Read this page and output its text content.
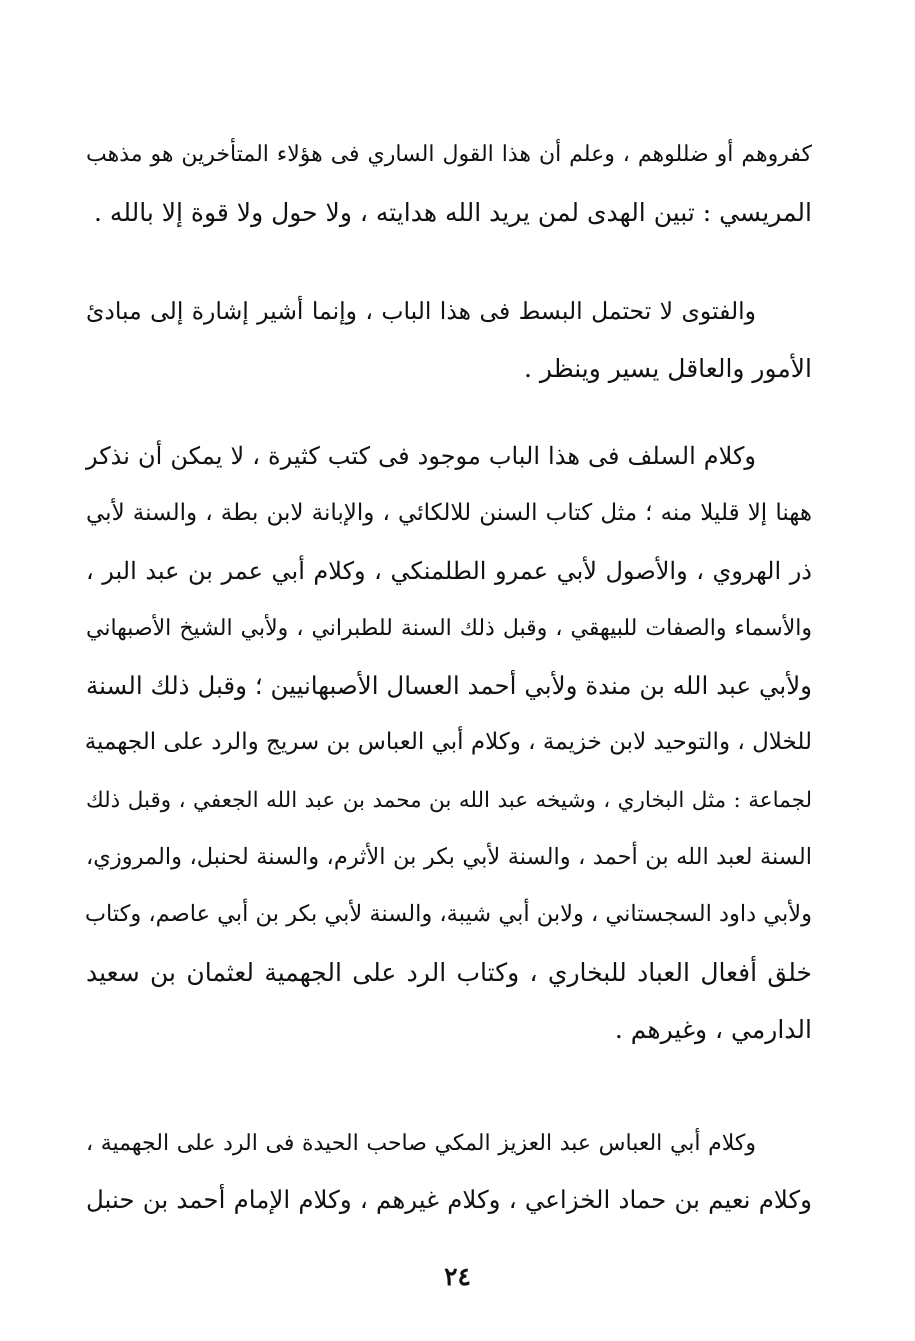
كفروهم أو ضللوهم ، وعلم أن هذا القول الساري فى هؤلاء المتأخرين هو مذهب
المريسي : تبين الهدى لمن يريد الله هدايته ، ولا حول ولا قوة إلا بالله .
والفتوى لا تحتمل البسط فى هذا الباب ، وإنما أشير إشارة إلى مبادئ
الأمور والعاقل يسير وينظر .
وكلام السلف فى هذا الباب موجود فى كتب كثيرة ، لا يمكن أن نذكر
ههنا إلا قليلا منه ؛ مثل كتاب السنن للالكائي ، والإبانة لابن بطة ، والسنة لأبي
ذر الهروي ، والأصول لأبي عمرو الطلمنكي ، وكلام أبي عمر بن عبد البر ،
والأسماء والصفات للبيهقي ، وقبل ذلك السنة للطبراني ، ولأبي الشيخ الأصبهاني
ولأبي عبد الله بن مندة ولأبي أحمد العسال الأصبهانيين ؛ وقبل ذلك السنة
للخلال ، والتوحيد لابن خزيمة ، وكلام أبي العباس بن سريج والرد على الجهمية
لجماعة : مثل البخاري ، وشيخه عبد الله بن محمد بن عبد الله الجعفي ، وقبل ذلك
السنة لعبد الله بن أحمد ، والسنة لأبي بكر بن الأثرم، والسنة لحنبل، والمروزي،
ولأبي داود السجستاني ، ولابن أبي شيبة، والسنة لأبي بكر بن أبي عاصم، وكتاب
خلق أفعال العباد للبخاري ، وكتاب الرد على الجهمية لعثمان بن سعيد
الدارمي ، وغيرهم .
وكلام أبي العباس عبد العزيز المكي صاحب الحيدة فى الرد على الجهمية ،
وكلام نعيم بن حماد الخزاعي ، وكلام غيرهم ، وكلام الإمام أحمد بن حنبل
٢٤
